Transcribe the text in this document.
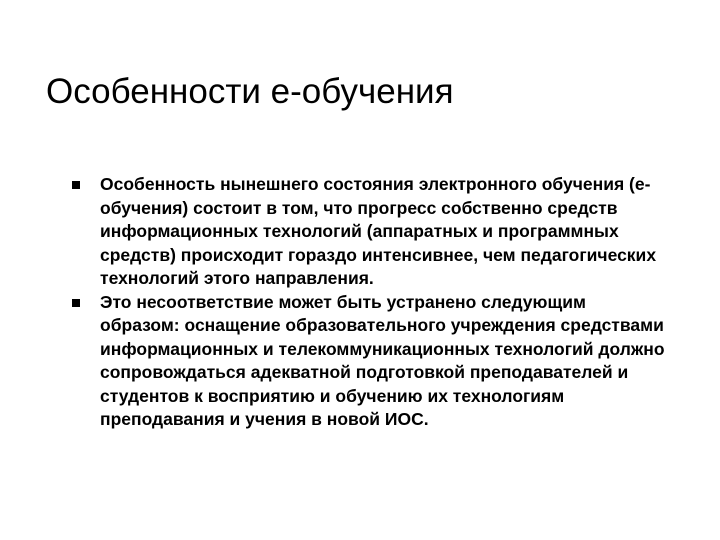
Особенности е-обучения
Особенность нынешнего состояния электронного обучения (е-обучения) состоит в том, что прогресс собственно средств информационных технологий (аппаратных и программных средств) происходит гораздо интенсивнее, чем педагогических технологий этого направления.
Это несоответствие может быть устранено следующим образом: оснащение образовательного учреждения средствами информационных и телекоммуникационных технологий должно сопровождаться адекватной подготовкой преподавателей и студентов к восприятию и обучению их технологиям преподавания и учения в новой ИОС.
